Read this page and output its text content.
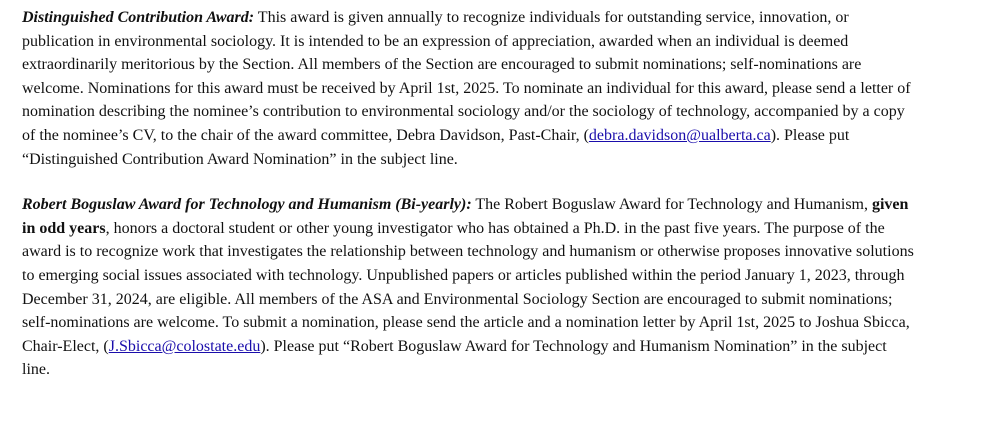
Distinguished Contribution Award: This award is given annually to recognize individuals for outstanding service, innovation, or
publication in environmental sociology. It is intended to be an expression of appreciation, awarded when an individual is deemed
extraordinarily meritorious by the Section. All members of the Section are encouraged to submit nominations; self-nominations are
welcome. Nominations for this award must be received by April 1st, 2025. To nominate an individual for this award, please send a letter of
nomination describing the nominee’s contribution to environmental sociology and/or the sociology of technology, accompanied by a copy
of the nominee’s CV, to the chair of the award committee, Debra Davidson, Past-Chair, (debra.davidson@ualberta.ca). Please put
“Distinguished Contribution Award Nomination” in the subject line.

Robert Boguslaw Award for Technology and Humanism (Bi-yearly): The Robert Boguslaw Award for Technology and Humanism, given
in odd years, honors a doctoral student or other young investigator who has obtained a Ph.D. in the past five years. The purpose of the
award is to recognize work that investigates the relationship between technology and humanism or otherwise proposes innovative solutions
to emerging social issues associated with technology. Unpublished papers or articles published within the period January 1, 2023, through
December 31, 2024, are eligible. All members of the ASA and Environmental Sociology Section are encouraged to submit nominations;
self-nominations are welcome. To submit a nomination, please send the article and a nomination letter by April 1st, 2025 to Joshua Sbicca,
Chair-Elect, (J.Sbicca@colostate.edu). Please put “Robert Boguslaw Award for Technology and Humanism Nomination” in the subject
line.
